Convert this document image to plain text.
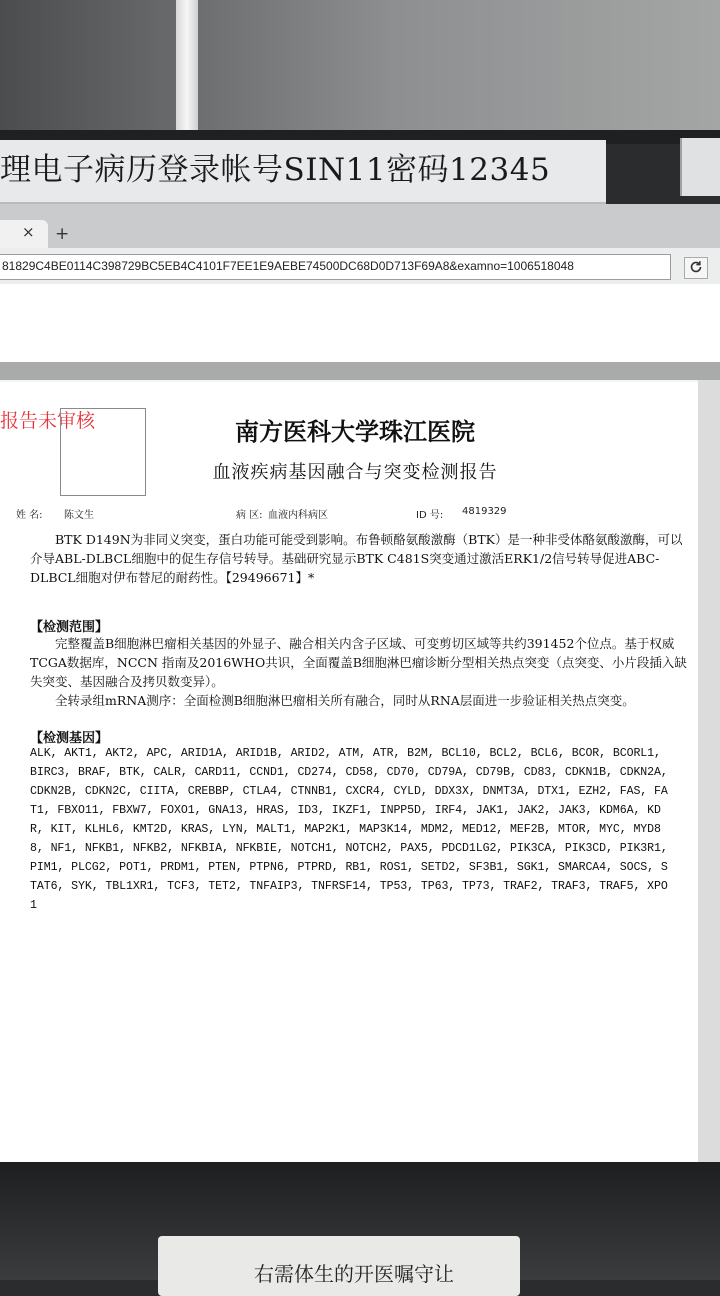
理电子病历登录帐号SIN11密码12345
× +
81829C4BE0114C398729BC5EB4C4101F7EE1E9AEBE74500DC68D0D713F69A8&examno=1006518048
报告未审核	南方医科大学珠江医院
血液疾病基因融合与突变检测报告
姓 名: 陈文生	病 区: 血液内科病区	ID 号: 4819329
BTK D149N为非同义突变，蛋白功能可能受到影响。布鲁顿酪氨酸激酶（BTK）是一种非受体酪氨酸激酶，可以介导ABL-DLBCL细胞中的促生存信号转导。基础研究显示BTK C481S突变通过激活ERK1/2信号转导促进ABC-DLBCL细胞对伊布替尼的耐药性。【29496671】*
【检测范围】
完整覆盖B细胞淋巴瘤相关基因的外显子、融合相关内含子区域、可变剪切区域等共约391452个位点。基于权威TCGA数据库，NCCN 指南及2016WHO共识，全面覆盖B细胞淋巴瘤诊断分型相关热点突变（点突变、小片段插入缺失突变、基因融合及拷贝数变异）。
全转录组mRNA测序：全面检测B细胞淋巴瘤相关所有融合，同时从RNA层面进一步验证相关热点突变。
【检测基因】
ALK, AKT1, AKT2, APC, ARID1A, ARID1B, ARID2, ATM, ATR, B2M, BCL10, BCL2, BCL6, BCOR, BCORL1, BIRC3, BRAF, BTK, CALR, CARD11, CCND1, CD274, CD58, CD70, CD79A, CD79B, CD83, CDKN1B, CDKN2A, CDKN2B, CDKN2C, CIITA, CREBBP, CTLA4, CTNNB1, CXCR4, CYLD, DDX3X, DNMT3A, DTX1, EZH2, FAS, FAT1, FBXO11, FBXW7, FOXO1, GNA13, HRAS, ID3, IKZF1, INPP5D, IRF4, JAK1, JAK2, JAK3, KDM6A, KDR, KIT, KLHL6, KMT2D, KRAS, LYN, MALT1, MAP2K1, MAP3K14, MDM2, MED12, MEF2B, MTOR, MYC, MYD88, NF1, NFKB1, NFKB2, NFKBIA, NFKBIE, NOTCH1, NOTCH2, PAX5, PDCD1LG2, PIK3CA, PIK3CD, PIK3R1, PIM1, PLCG2, POT1, PRDM1, PTEN, PTPN6, PTPRD, RB1, ROS1, SETD2, SF3B1, SGK1, SMARCA4, SOCS, STAT6, SYK, TBL1XR1, TCF3, TET2, TNFAIP3, TNFRSF14, TP53, TP63, TP73, TRAF2, TRAF3, TRAF5, XPO1
右需体生的开医嘱守让
